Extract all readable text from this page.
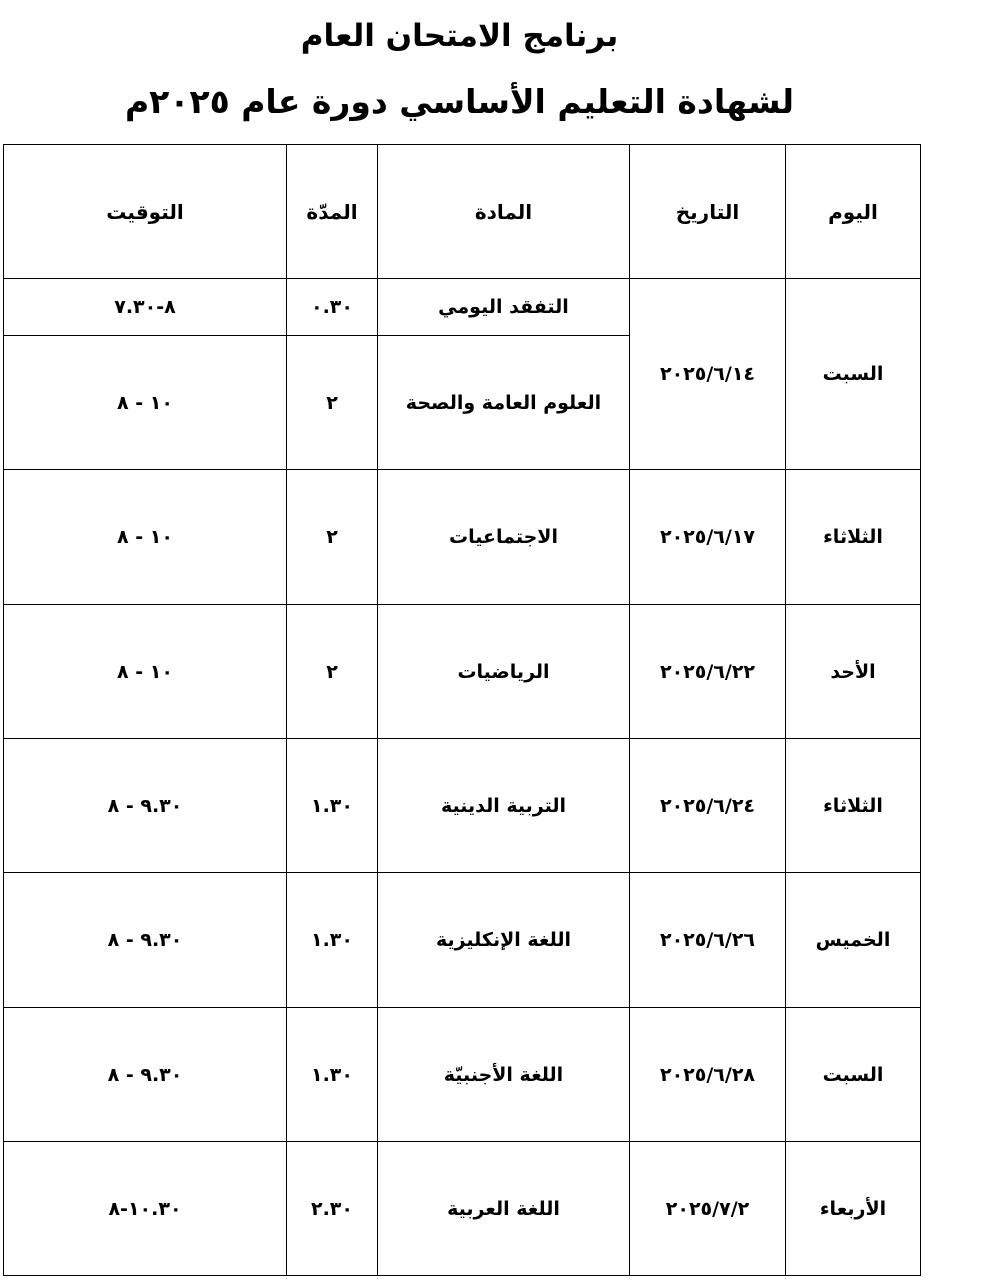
برنامج الامتحان العام
لشهادة التعليم الأساسي دورة عام ٢٠٢٥م
اليوم	التاريخ	المادة	المدّة	التوقيت
السبت	٢٠٢٥/٦/١٤	التفقد اليومي	٠.٣٠	٨-٧.٣٠
		العلوم العامة والصحة	٢	١٠ - ٨
الثلاثاء	٢٠٢٥/٦/١٧	الاجتماعيات	٢	١٠ - ٨
الأحد	٢٠٢٥/٦/٢٢	الرياضيات	٢	١٠ - ٨
الثلاثاء	٢٠٢٥/٦/٢٤	التربية الدينية	١.٣٠	٩.٣٠ - ٨
الخميس	٢٠٢٥/٦/٢٦	اللغة الإنكليزية	١.٣٠	٩.٣٠ - ٨
السبت	٢٠٢٥/٦/٢٨	اللغة الأجنبيّة	١.٣٠	٩.٣٠ - ٨
الأربعاء	٢٠٢٥/٧/٢	اللغة العربية	٢.٣٠	١٠.٣٠-٨
